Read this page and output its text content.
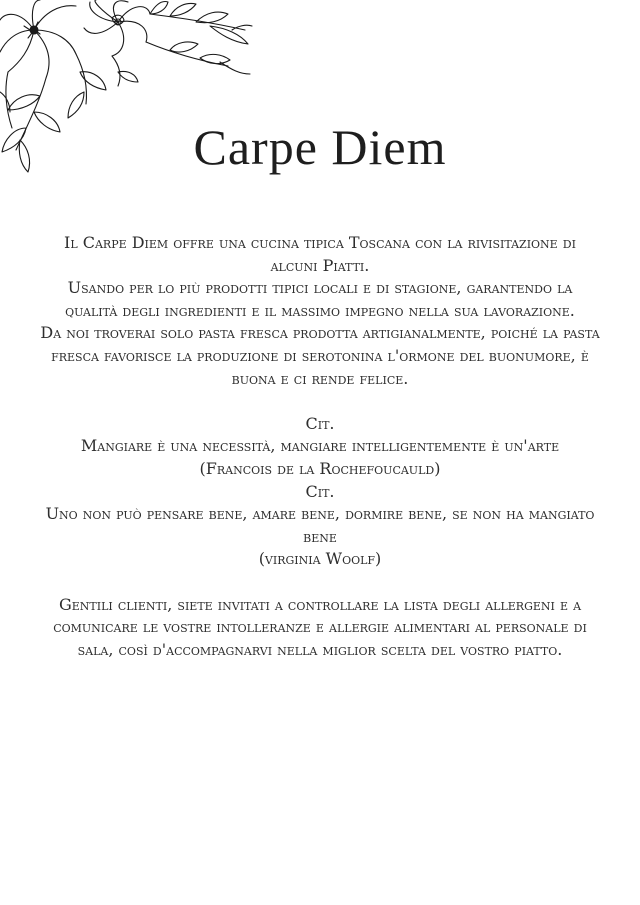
Carpe Diem

Il Carpe Diem offre una cucina tipica Toscana con la rivisitazione di alcuni Piatti.

Usando per lo più prodotti tipici locali e di stagione, garantendo la qualità degli ingredienti e il massimo impegno nella sua lavorazione.

Da noi troverai solo pasta fresca prodotta artigianalmente, poiché la pasta fresca favorisce la produzione di serotonina l'ormone del buonumore, è buona e ci rende felice.

Cit.

Mangiare è una necessità, mangiare intelligentemente è un'arte

(Francois de la Rochefoucauld)

Cit.

Uno non può pensare bene, amare bene, dormire bene, se non ha mangiato bene

(virginia Woolf)

Gentili clienti, siete invitati a controllare la lista degli allergeni e a comunicare le vostre intolleranze e allergie alimentari al personale di sala, così d'accompagnarvi nella miglior scelta del vostro piatto.
